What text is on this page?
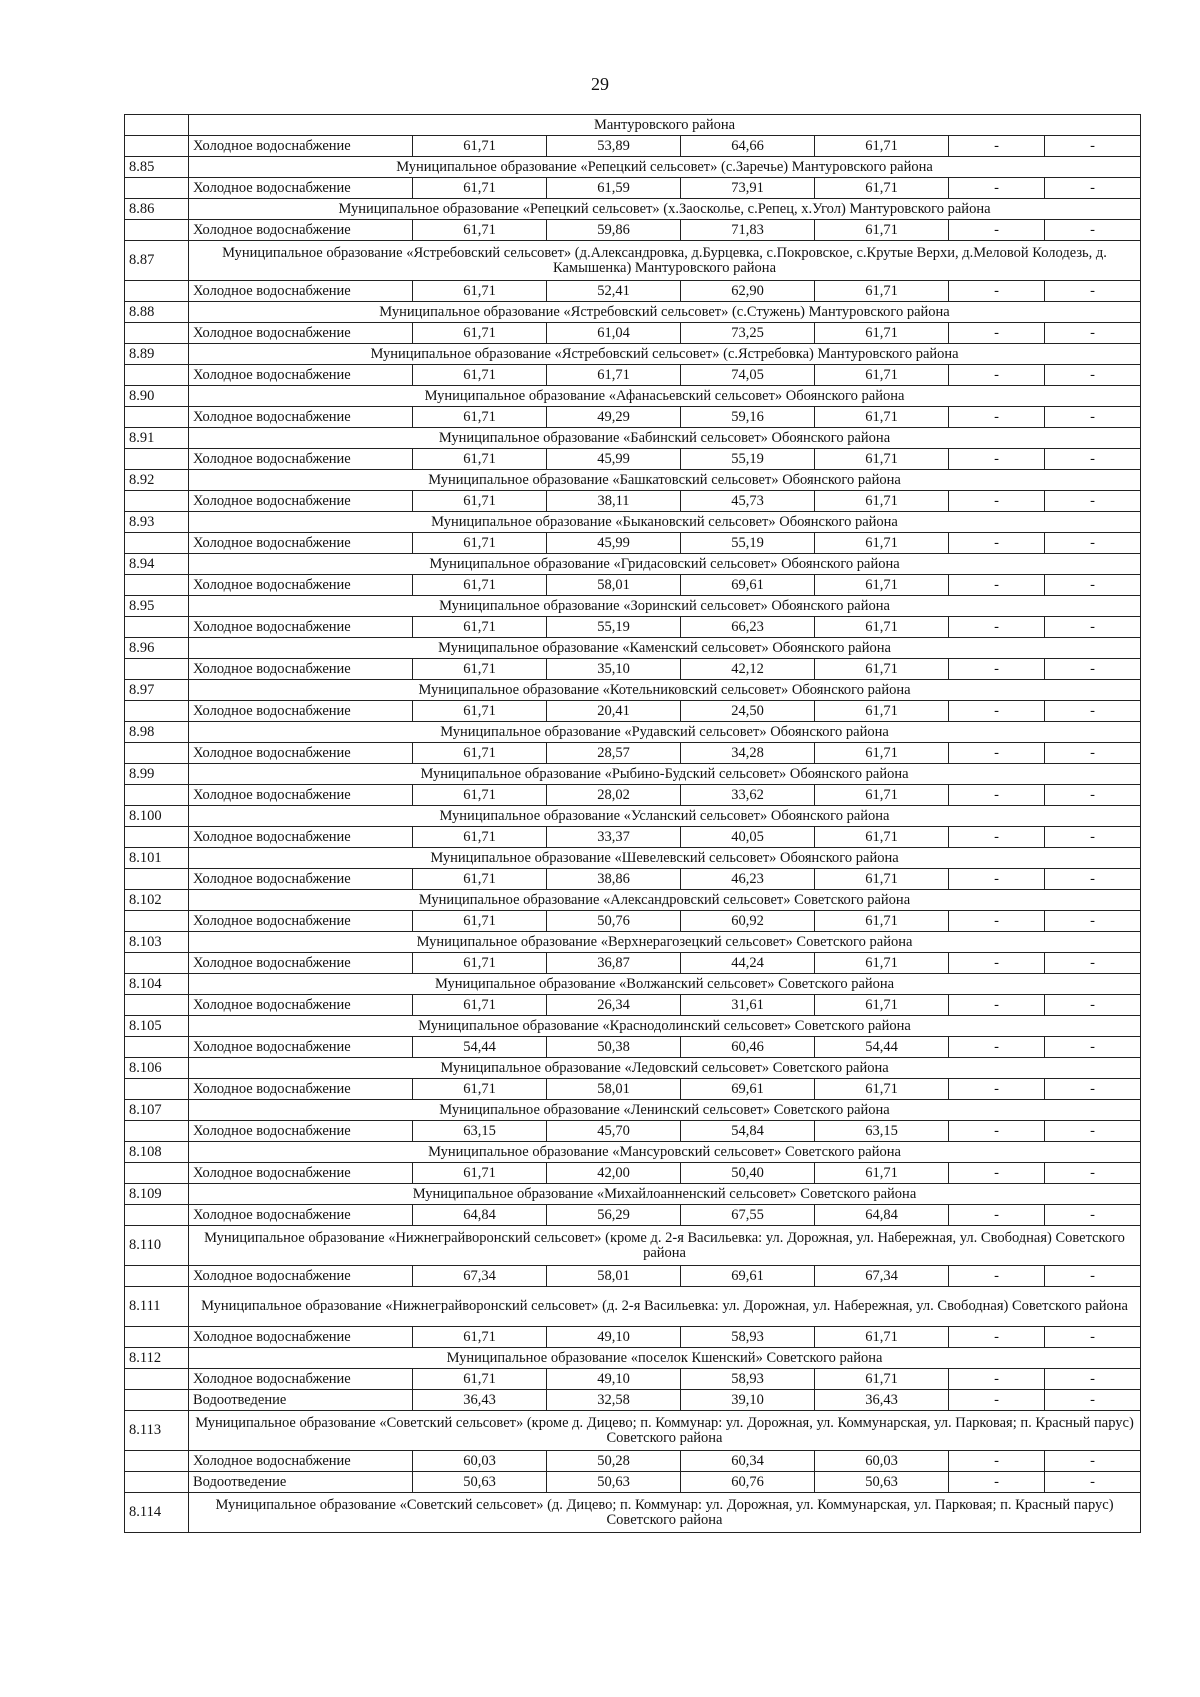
29
	Мантуровского района						
	Холодное водоснабжение	61,71	53,89	64,66	61,71	-	-
8.85	Муниципальное образование «Репецкий сельсовет» (с.Заречье) Мантуровского района						
	Холодное водоснабжение	61,71	61,59	73,91	61,71	-	-
8.86	Муниципальное образование «Репецкий сельсовет» (х.Заосколье, с.Репец, х.Угол) Мантуровского района						
	Холодное водоснабжение	61,71	59,86	71,83	61,71	-	-
8.87	Муниципальное образование «Ястребовский сельсовет» (д.Александровка, д.Бурцевка, с.Покровское, с.Крутые Верхи, д.Меловой Колодезь, д. Камышенка) Мантуровского района						
	Холодное водоснабжение	61,71	52,41	62,90	61,71	-	-
8.88	Муниципальное образование «Ястребовский сельсовет» (с.Стужень) Мантуровского района						
	Холодное водоснабжение	61,71	61,04	73,25	61,71	-	-
8.89	Муниципальное образование «Ястребовский сельсовет» (с.Ястребовка) Мантуровского района						
	Холодное водоснабжение	61,71	61,71	74,05	61,71	-	-
8.90	Муниципальное образование «Афанасьевский сельсовет» Обоянского района						
	Холодное водоснабжение	61,71	49,29	59,16	61,71	-	-
8.91	Муниципальное образование «Бабинский сельсовет» Обоянского района						
	Холодное водоснабжение	61,71	45,99	55,19	61,71	-	-
8.92	Муниципальное образование «Башкатовский сельсовет» Обоянского района						
	Холодное водоснабжение	61,71	38,11	45,73	61,71	-	-
8.93	Муниципальное образование «Быкановский сельсовет» Обоянского района						
	Холодное водоснабжение	61,71	45,99	55,19	61,71	-	-
8.94	Муниципальное образование «Гридасовский сельсовет» Обоянского района						
	Холодное водоснабжение	61,71	58,01	69,61	61,71	-	-
8.95	Муниципальное образование «Зоринский сельсовет» Обоянского района						
	Холодное водоснабжение	61,71	55,19	66,23	61,71	-	-
8.96	Муниципальное образование «Каменский сельсовет» Обоянского района						
	Холодное водоснабжение	61,71	35,10	42,12	61,71	-	-
8.97	Муниципальное образование «Котельниковский сельсовет» Обоянского района						
	Холодное водоснабжение	61,71	20,41	24,50	61,71	-	-
8.98	Муниципальное образование «Рудавский сельсовет» Обоянского района						
	Холодное водоснабжение	61,71	28,57	34,28	61,71	-	-
8.99	Муниципальное образование «Рыбино-Будский сельсовет» Обоянского района						
	Холодное водоснабжение	61,71	28,02	33,62	61,71	-	-
8.100	Муниципальное образование «Усланский сельсовет» Обоянского района						
	Холодное водоснабжение	61,71	33,37	40,05	61,71	-	-
8.101	Муниципальное образование «Шевелевский сельсовет» Обоянского района						
	Холодное водоснабжение	61,71	38,86	46,23	61,71	-	-
8.102	Муниципальное образование «Александровский сельсовет» Советского района						
	Холодное водоснабжение	61,71	50,76	60,92	61,71	-	-
8.103	Муниципальное образование «Верхнерагозецкий сельсовет» Советского района						
	Холодное водоснабжение	61,71	36,87	44,24	61,71	-	-
8.104	Муниципальное образование «Волжанский сельсовет» Советского района						
	Холодное водоснабжение	61,71	26,34	31,61	61,71	-	-
8.105	Муниципальное образование «Краснодолинский сельсовет» Советского района						
	Холодное водоснабжение	54,44	50,38	60,46	54,44	-	-
8.106	Муниципальное образование «Ледовский сельсовет» Советского района						
	Холодное водоснабжение	61,71	58,01	69,61	61,71	-	-
8.107	Муниципальное образование «Ленинский сельсовет» Советского района						
	Холодное водоснабжение	63,15	45,70	54,84	63,15	-	-
8.108	Муниципальное образование «Мансуровский сельсовет» Советского района						
	Холодное водоснабжение	61,71	42,00	50,40	61,71	-	-
8.109	Муниципальное образование «Михайлоанненский сельсовет» Советского района						
	Холодное водоснабжение	64,84	56,29	67,55	64,84	-	-
8.110	Муниципальное образование «Нижнеграйворонский сельсовет» (кроме д. 2-я Васильевка: ул. Дорожная, ул. Набережная, ул. Свободная) Советского района						
	Холодное водоснабжение	67,34	58,01	69,61	67,34	-	-
8.111	Муниципальное образование «Нижнеграйворонский сельсовет» (д. 2-я Васильевка: ул. Дорожная, ул. Набережная, ул. Свободная) Советского района						
	Холодное водоснабжение	61,71	49,10	58,93	61,71	-	-
8.112	Муниципальное образование «поселок Кшенский» Советского района						
	Холодное водоснабжение	61,71	49,10	58,93	61,71	-	-
	Водоотведение	36,43	32,58	39,10	36,43	-	-
8.113	Муниципальное образование «Советский сельсовет» (кроме д. Дицево; п. Коммунар: ул. Дорожная, ул. Коммунарская, ул. Парковая; п. Красный парус) Советского района						
	Холодное водоснабжение	60,03	50,28	60,34	60,03	-	-
	Водоотведение	50,63	50,63	60,76	50,63	-	-
8.114	Муниципальное образование «Советский сельсовет» (д. Дицево; п. Коммунар: ул. Дорожная, ул. Коммунарская, ул. Парковая; п. Красный парус) Советского района						
